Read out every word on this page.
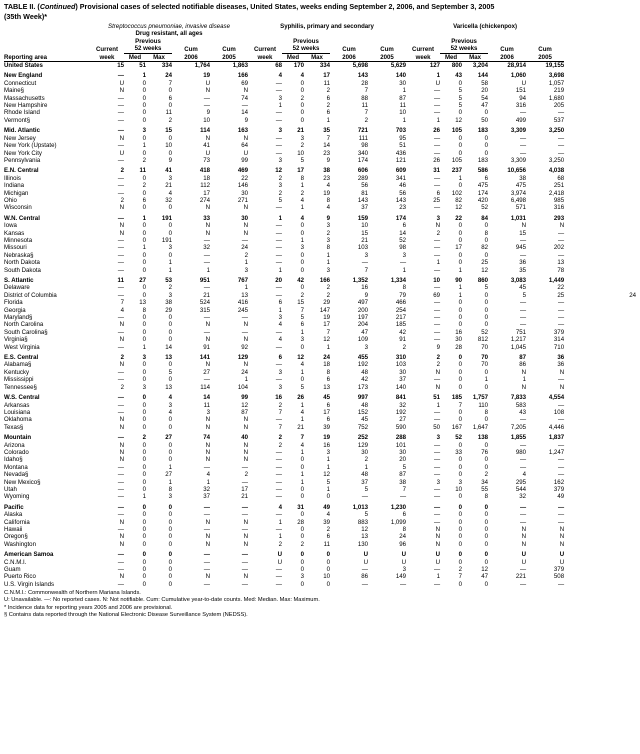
TABLE II. (Continued) Provisional cases of selected notifiable diseases, United States, weeks ending September 2, 2006, and September 3, 2005
(35th Week)*
	Streptococcus pneumoniae, invasive disease					Syphilis, primary and secondary					Varicella (chickenpox)					
	Drug resistant, all ages															
		Previous					Previous					Previous				
	Current	52 weeks		Cum	Cum	Current	52 weeks		Cum	Cum	Current	52 weeks		Cum	Cum	
Reporting area	week	Med	Max	2006	2005	week	Med	Max	2006	2005	week	Med	Max	2006	2005	
United States	15	51	334	1,764	1,863	68	170	334	5,698	5,629	127	800	3,204	28,914	19,155	

New England	—	1	24	19	166	4	4	17	143	140	1	43	144	1,060	3,698	
Connecticut	U	0	7	U	69	—	0	11	28	30	U	0	58	U	1,057	
Maine§	N	0	0	N	N	—	0	2	7	1	—	5	20	151	219	
Massachusetts	—	0	6	—	74	3	2	6	88	87	—	5	54	94	1,680	
New Hampshire	—	0	0	—	—	1	0	2	11	11	—	5	47	316	205	
Rhode Island	—	0	11	9	14	—	0	6	7	10	—	0	0	—	—	
Vermont§	—	0	2	10	9	—	0	1	2	1	1	12	50	499	537	

Mid. Atlantic	—	3	15	114	163	3	21	35	721	703	26	105	183	3,309	3,250	
New Jersey	N	0	0	N	N	—	3	7	111	95	—	0	0	—	—	
New York (Upstate)	—	1	10	41	64	—	2	14	98	51	—	0	0	—	—	
New York City	U	0	0	U	U	—	10	23	340	436	—	0	0	—	—	
Pennsylvania	—	2	9	73	99	3	5	9	174	121	26	105	183	3,309	3,250	

E.N. Central	2	11	41	418	469	12	17	38	606	609	31	237	586	10,656	4,038	
Illinois	—	0	3	18	22	2	8	23	289	341	—	1	6	38	68	
Indiana	—	2	21	112	146	3	1	4	56	46	—	0	475	475	251	
Michigan	—	0	4	17	30	2	2	19	81	56	6	102	174	3,974	2,418	
Ohio	2	6	32	274	271	5	4	8	143	143	25	82	420	6,498	985	
Wisconsin	N	0	0	N	N	—	1	4	37	23	—	12	52	571	316	

W.N. Central	—	1	191	33	30	1	4	9	159	174	3	22	84	1,031	293	
Iowa	N	0	0	N	N	—	0	3	10	6	N	0	0	N	N	
Kansas	N	0	0	N	N	—	0	2	15	14	2	0	8	15	—	
Minnesota	—	0	191	—	—	—	1	3	21	52	—	0	0	—	—	
Missouri	—	1	3	32	24	—	3	8	103	98	—	17	82	945	202	
Nebraska§	—	0	0	—	2	—	0	1	3	3	—	0	0	—	—	
North Dakota	—	0	1	—	1	—	0	1	—	—	1	0	25	36	13	
South Dakota	—	0	1	1	3	1	0	3	7	1	—	1	12	35	78	

S. Atlantic	11	27	53	951	767	20	42	166	1,352	1,334	10	90	860	3,083	1,449	
Delaware	—	0	2	—	1	—	0	2	16	8	—	1	5	45	22	
District of Columbia	—	0	3	21	13	—	2	2	9	79	69	1	0	5	25	24
Florida	7	13	38	524	416	6	15	29	497	466	—	0	0	—	—	
Georgia	4	8	29	315	245	1	7	147	200	254	—	0	0	—	—	
Maryland§	—	0	0	—	—	3	5	19	197	217	—	0	0	—	—	
North Carolina	N	0	0	N	N	4	6	17	204	185	—	0	0	—	—	
South Carolina§	—	0	0	—	—	—	1	7	47	42	—	16	52	751	379	
Virginia§	N	0	0	N	N	4	3	12	109	91	—	30	812	1,217	314	
West Virginia	—	1	14	91	92	—	0	1	3	2	9	28	70	1,045	710	

E.S. Central	2	3	13	141	129	6	12	24	455	310	2	0	70	87	36	
Alabama§	N	0	0	N	N	—	4	18	192	103	2	0	70	86	36	
Kentucky	—	0	5	27	24	3	1	8	48	30	N	0	0	N	N	
Mississippi	—	0	0	—	1	—	0	6	42	37	—	0	1	1	—	
Tennessee§	2	3	13	114	104	3	5	13	173	140	N	0	0	N	N	

W.S. Central	—	0	4	14	99	16	26	45	997	841	51	185	1,757	7,833	4,554	
Arkansas	—	0	3	11	12	2	1	6	48	32	1	7	110	583	—	
Louisiana	—	0	4	3	87	7	4	17	152	192	—	0	8	43	108	
Oklahoma	N	0	0	N	N	—	1	6	45	27	—	0	0	—	—	
Texas§	N	0	0	N	N	7	21	39	752	590	50	167	1,647	7,205	4,446	

Mountain	—	2	27	74	40	2	7	19	252	288	3	52	138	1,855	1,837	
Arizona	N	0	0	N	N	2	4	16	129	101	—	0	0	—	—	
Colorado	N	0	0	N	N	—	1	3	30	30	—	33	76	980	1,247	
Idaho§	N	0	0	N	N	—	0	1	2	20	—	0	0	—	—	
Montana	—	0	1	—	—	—	0	1	1	5	—	0	0	—	—	
Nevada§	—	0	27	4	2	—	1	12	48	87	—	0	2	4	—	
New Mexico§	—	0	1	1	—	—	1	5	37	38	3	3	34	295	162	
Utah	—	0	8	32	17	—	0	1	5	7	—	10	55	544	379	
Wyoming	—	1	3	37	21	—	0	0	—	—	—	0	8	32	49	

Pacific	—	0	0	—	—	4	31	49	1,013	1,230	—	0	0	—	—	
Alaska	—	0	0	—	—	—	0	4	5	6	—	0	0	—	—	
California	N	0	0	N	N	1	28	39	883	1,099	—	0	0	—	—	
Hawaii	—	0	0	—	—	—	0	2	12	8	N	0	0	N	N	
Oregon§	N	0	0	N	N	1	0	6	13	24	N	0	0	N	N	
Washington	N	0	0	N	N	2	2	11	130	96	N	0	0	N	N	

American Samoa	—	0	0	—	—	U	0	0	U	U	U	0	0	U	U	
C.N.M.I.	—	0	0	—	—	U	0	0	U	U	U	0	0	U	U	
Guam	—	0	0	—	—	—	0	0	—	3	—	2	12	—	379	
Puerto Rico	N	0	0	N	N	—	3	10	86	149	1	7	47	221	508	
U.S. Virgin Islands	—	0	0	—	—	—	0	0	—	—	—	0	0	—	—	
C.N.M.I.: Commonwealth of Northern Mariana Islands.
U: Unavailable. —: No reported cases. N: Not notifiable. Cum: Cumulative year-to-date counts. Med: Median. Max: Maximum.
* Incidence data for reporting years 2005 and 2006 are provisional.
§ Contains data reported through the National Electronic Disease Surveillance System (NEDSS).
